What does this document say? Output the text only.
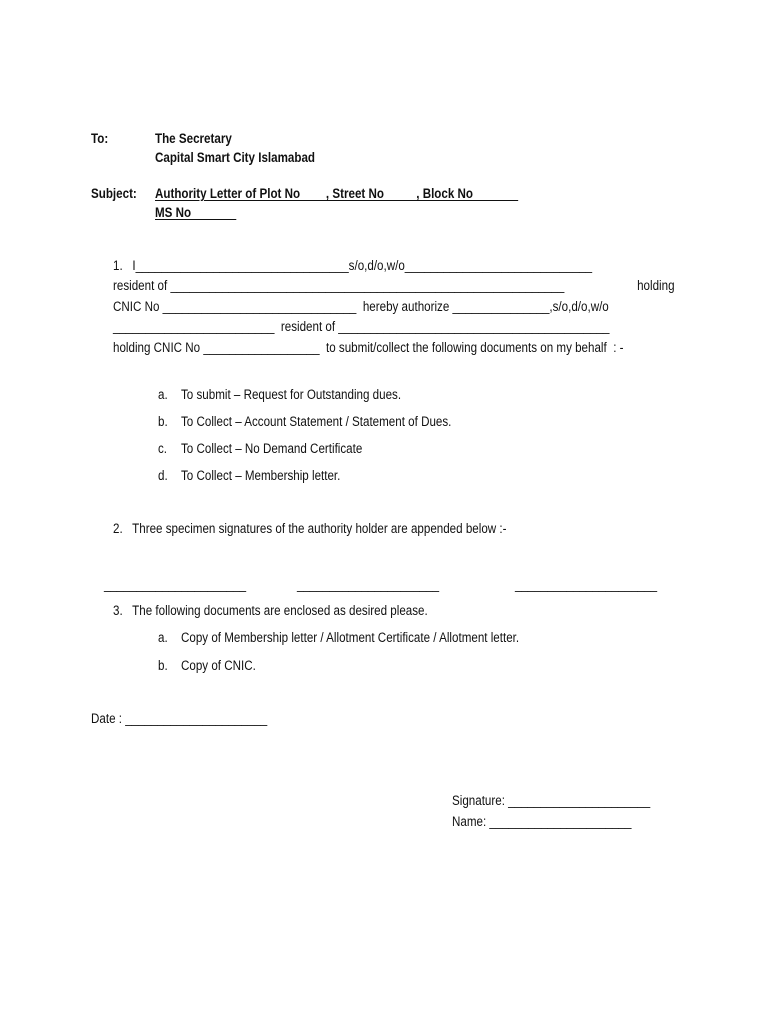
To:	The Secretary
Capital Smart City Islamabad
Subject: Authority Letter of Plot No        , Street No          , Block No
MS No
1.   I_________________________________s/o,d/o,w/o_____________________________
resident of _____________________________________________________________	holding
CNIC No ______________________________  hereby authorize _______________,s/o,d/o,w/o
_________________________  resident of __________________________________________
holding CNIC No __________________  to submit/collect the following documents on my behalf  : -
a. To submit – Request for Outstanding dues.
b. To Collect – Account Statement / Statement of Dues.
c. To Collect – No Demand Certificate
d. To Collect – Membership letter.
2.   Three specimen signatures of the authority holder are appended below :-
______________________	______________________	______________________
3.   The following documents are enclosed as desired please.
a. Copy of Membership letter / Allotment Certificate / Allotment letter.
b. Copy of CNIC.
Date : ______________________
Signature: ______________________
Name: ______________________
